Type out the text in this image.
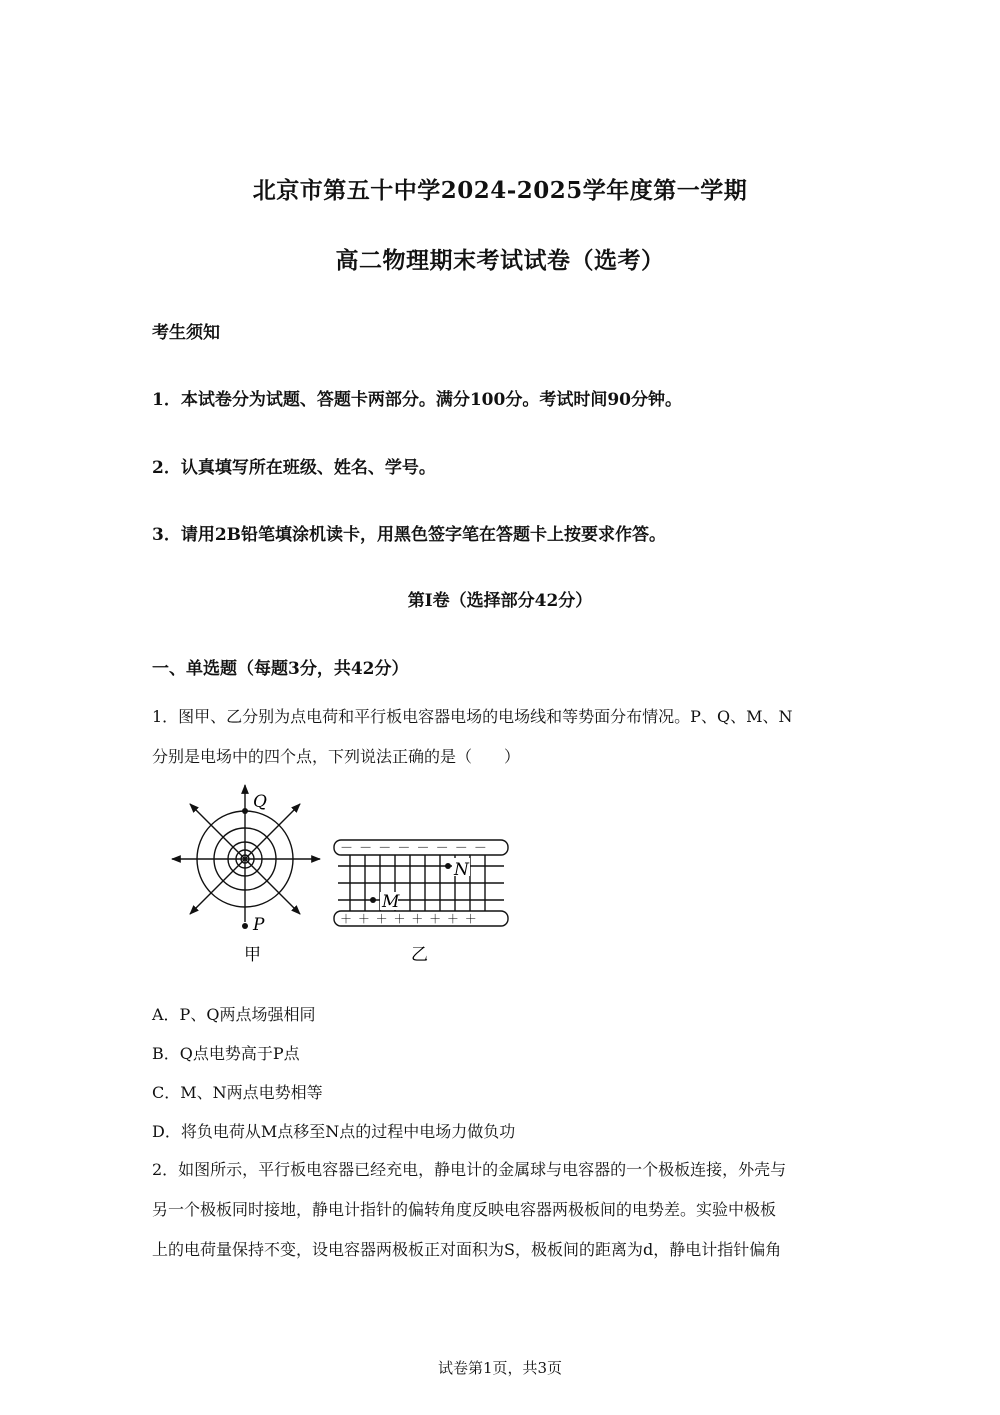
北京市第五十中学2024-2025学年度第一学期
高二物理期末考试试卷（选考）
考生须知
1．本试卷分为试题、答题卡两部分。满分100分。考试时间90分钟。
2．认真填写所在班级、姓名、学号。
3．请用2B铅笔填涂机读卡，用黑色签字笔在答题卡上按要求作答。
第Ⅰ卷（选择部分42分）
一、单选题（每题3分，共42分）
1．图甲、乙分别为点电荷和平行板电容器电场的电场线和等势面分布情况。P、Q、M、N
分别是电场中的四个点，下列说法正确的是（　　）
Q
P
甲
－ － － － － － － －
＋ ＋ ＋ ＋ ＋ ＋ ＋ ＋
N
M
乙
A．P、Q两点场强相同
B．Q点电势高于P点
C．M、N两点电势相等
D．将负电荷从M点移至N点的过程中电场力做负功
2．如图所示，平行板电容器已经充电，静电计的金属球与电容器的一个极板连接，外壳与
另一个极板同时接地，静电计指针的偏转角度反映电容器两极板间的电势差。实验中极板
上的电荷量保持不变，设电容器两极板正对面积为S，极板间的距离为d，静电计指针偏角
试卷第1页，共3页
